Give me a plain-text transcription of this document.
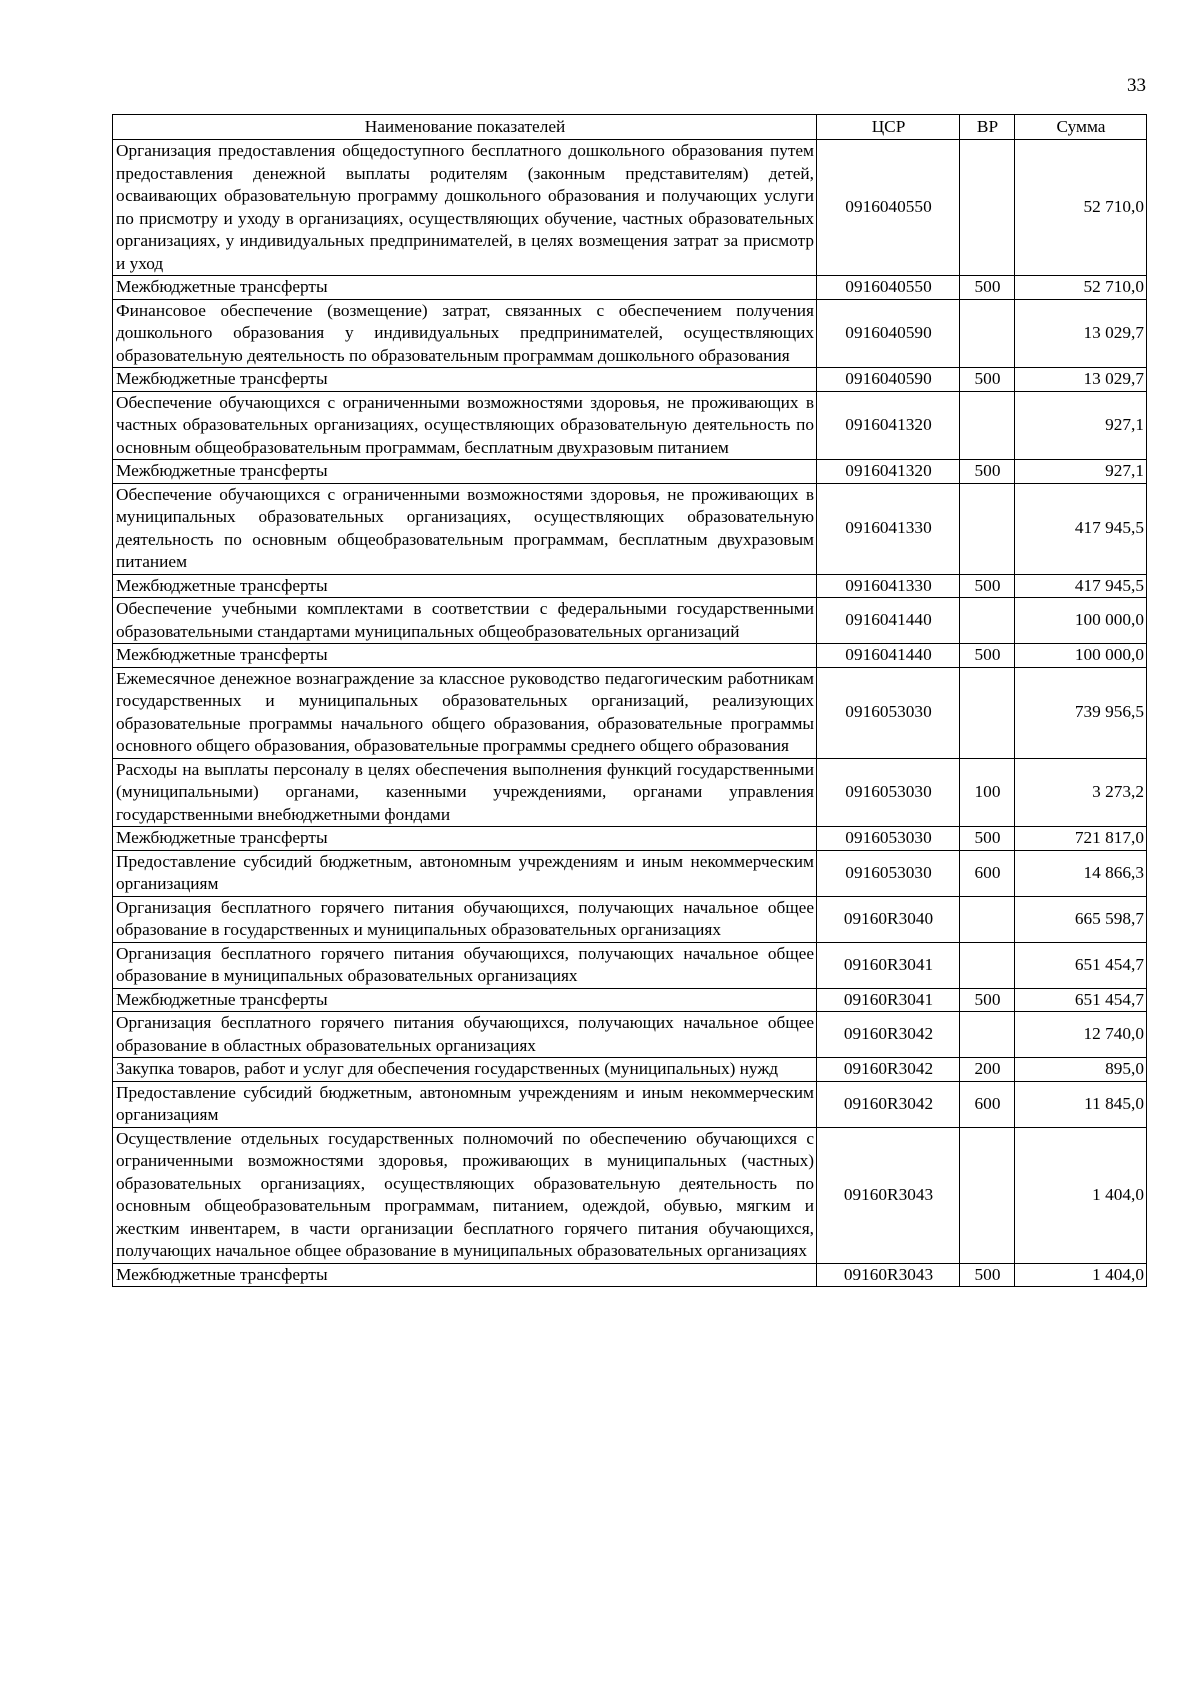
33
Наименование показателей	ЦСР	ВР	Сумма
Организация предоставления общедоступного бесплатного дошкольного образования путем предоставления денежной выплаты родителям (законным представителям) детей, осваивающих образовательную программу дошкольного образования и получающих услуги по присмотру и уходу в организациях, осуществляющих обучение, частных образовательных организациях, у индивидуальных предпринимателей, в целях возмещения затрат за присмотр и уход	0916040550		52 710,0
Межбюджетные трансферты	0916040550	500	52 710,0
Финансовое обеспечение (возмещение) затрат, связанных с обеспечением получения дошкольного образования у индивидуальных предпринимателей, осуществляющих образовательную деятельность по образовательным программам дошкольного образования	0916040590		13 029,7
Межбюджетные трансферты	0916040590	500	13 029,7
Обеспечение обучающихся с ограниченными возможностями здоровья, не проживающих в частных образовательных организациях, осуществляющих образовательную деятельность по основным общеобразовательным программам, бесплатным двухразовым питанием	0916041320		927,1
Межбюджетные трансферты	0916041320	500	927,1
Обеспечение обучающихся с ограниченными возможностями здоровья, не проживающих в муниципальных образовательных организациях, осуществляющих образовательную деятельность по основным общеобразовательным программам, бесплатным двухразовым питанием	0916041330		417 945,5
Межбюджетные трансферты	0916041330	500	417 945,5
Обеспечение учебными комплектами в соответствии с федеральными государственными образовательными стандартами муниципальных общеобразовательных организаций	0916041440		100 000,0
Межбюджетные трансферты	0916041440	500	100 000,0
Ежемесячное денежное вознаграждение за классное руководство педагогическим работникам государственных и муниципальных образовательных организаций, реализующих образовательные программы начального общего образования, образовательные программы основного общего образования, образовательные программы среднего общего образования	0916053030		739 956,5
Расходы на выплаты персоналу в целях обеспечения выполнения функций государственными (муниципальными) органами, казенными учреждениями, органами управления государственными внебюджетными фондами	0916053030	100	3 273,2
Межбюджетные трансферты	0916053030	500	721 817,0
Предоставление субсидий бюджетным, автономным учреждениям и иным некоммерческим организациям	0916053030	600	14 866,3
Организация бесплатного горячего питания обучающихся, получающих начальное общее образование в государственных и муниципальных образовательных организациях	09160R3040		665 598,7
Организация бесплатного горячего питания обучающихся, получающих начальное общее образование в муниципальных образовательных организациях	09160R3041		651 454,7
Межбюджетные трансферты	09160R3041	500	651 454,7
Организация бесплатного горячего питания обучающихся, получающих начальное общее образование в областных образовательных организациях	09160R3042		12 740,0
Закупка товаров, работ и услуг для обеспечения государственных (муниципальных) нужд	09160R3042	200	895,0
Предоставление субсидий бюджетным, автономным учреждениям и иным некоммерческим организациям	09160R3042	600	11 845,0
Осуществление отдельных государственных полномочий по обеспечению обучающихся с ограниченными возможностями здоровья, проживающих в муниципальных (частных) образовательных организациях, осуществляющих образовательную деятельность по основным общеобразовательным программам, питанием, одеждой, обувью, мягким и жестким инвентарем, в части организации бесплатного горячего питания обучающихся, получающих начальное общее образование в муниципальных образовательных организациях	09160R3043		1 404,0
Межбюджетные трансферты	09160R3043	500	1 404,0
